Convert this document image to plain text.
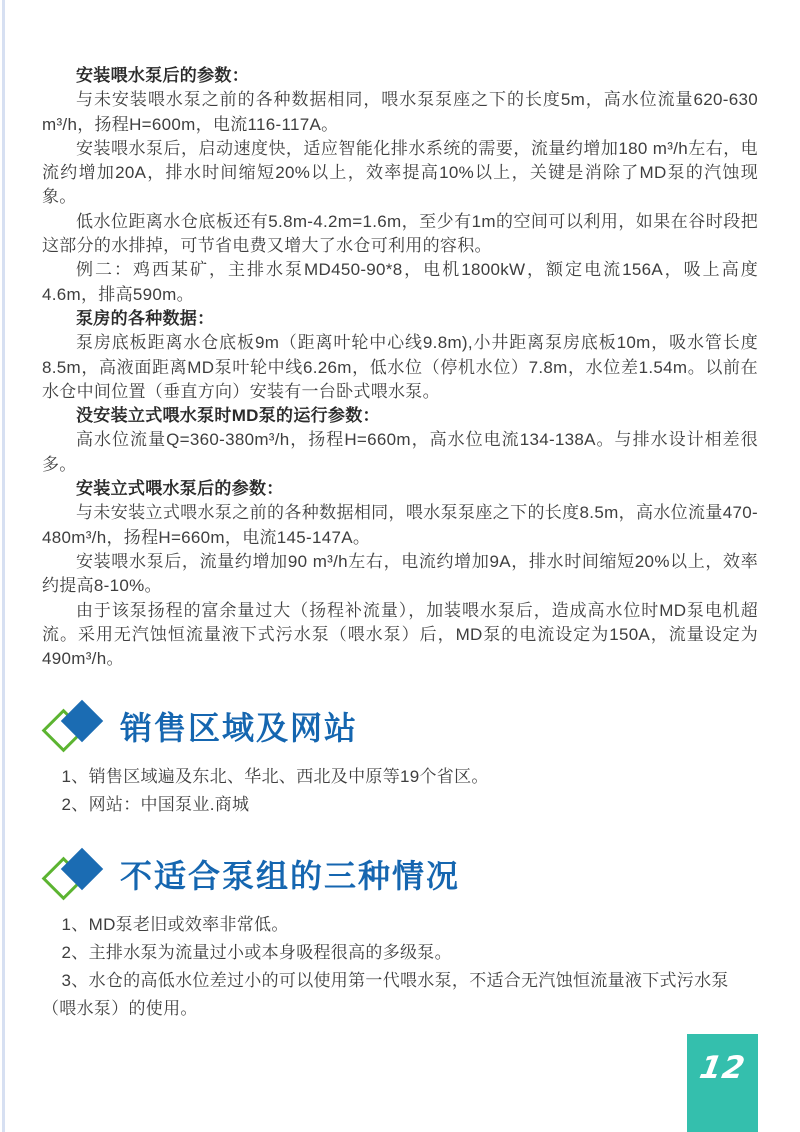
安装喂水泵后的参数：

与未安装喂水泵之前的各种数据相同，喂水泵泵座之下的长度5m，高水位流量620-630 m³/h，扬程H=600m，电流116-117A。

安装喂水泵后，启动速度快，适应智能化排水系统的需要，流量约增加180 m³/h左右，电流约增加20A，排水时间缩短20%以上，效率提高10%以上，关键是消除了MD泵的汽蚀现象。

低水位距离水仓底板还有5.8m-4.2m=1.6m，至少有1m的空间可以利用，如果在谷时段把这部分的水排掉，可节省电费又增大了水仓可利用的容积。

例二：鸡西某矿，主排水泵MD450-90*8，电机1800kW，额定电流156A，吸上高度4.6m，排高590m。

泵房的各种数据：

泵房底板距离水仓底板9m（距离叶轮中心线9.8m),小井距离泵房底板10m，吸水管长度8.5m，高液面距离MD泵叶轮中线6.26m，低水位（停机水位）7.8m，水位差1.54m。以前在水仓中间位置（垂直方向）安装有一台卧式喂水泵。

没安装立式喂水泵时MD泵的运行参数：

高水位流量Q=360-380m³/h，扬程H=660m，高水位电流134-138A。与排水设计相差很多。

安装立式喂水泵后的参数：

与未安装立式喂水泵之前的各种数据相同，喂水泵泵座之下的长度8.5m，高水位流量470-480m³/h，扬程H=660m，电流145-147A。

安装喂水泵后，流量约增加90 m³/h左右，电流约增加9A，排水时间缩短20%以上，效率约提高8-10%。

由于该泵扬程的富余量过大（扬程补流量），加装喂水泵后，造成高水位时MD泵电机超流。采用无汽蚀恒流量液下式污水泵（喂水泵）后，MD泵的电流设定为150A，流量设定为490m³/h。

销售区域及网站
1、销售区域遍及东北、华北、西北及中原等19个省区。
2、网站：中国泵业.商城
不适合泵组的三种情况
1、MD泵老旧或效率非常低。
2、主排水泵为流量过小或本身吸程很高的多级泵。
3、水仓的高低水位差过小的可以使用第一代喂水泵，不适合无汽蚀恒流量液下式污水泵（喂水泵）的使用。
12
